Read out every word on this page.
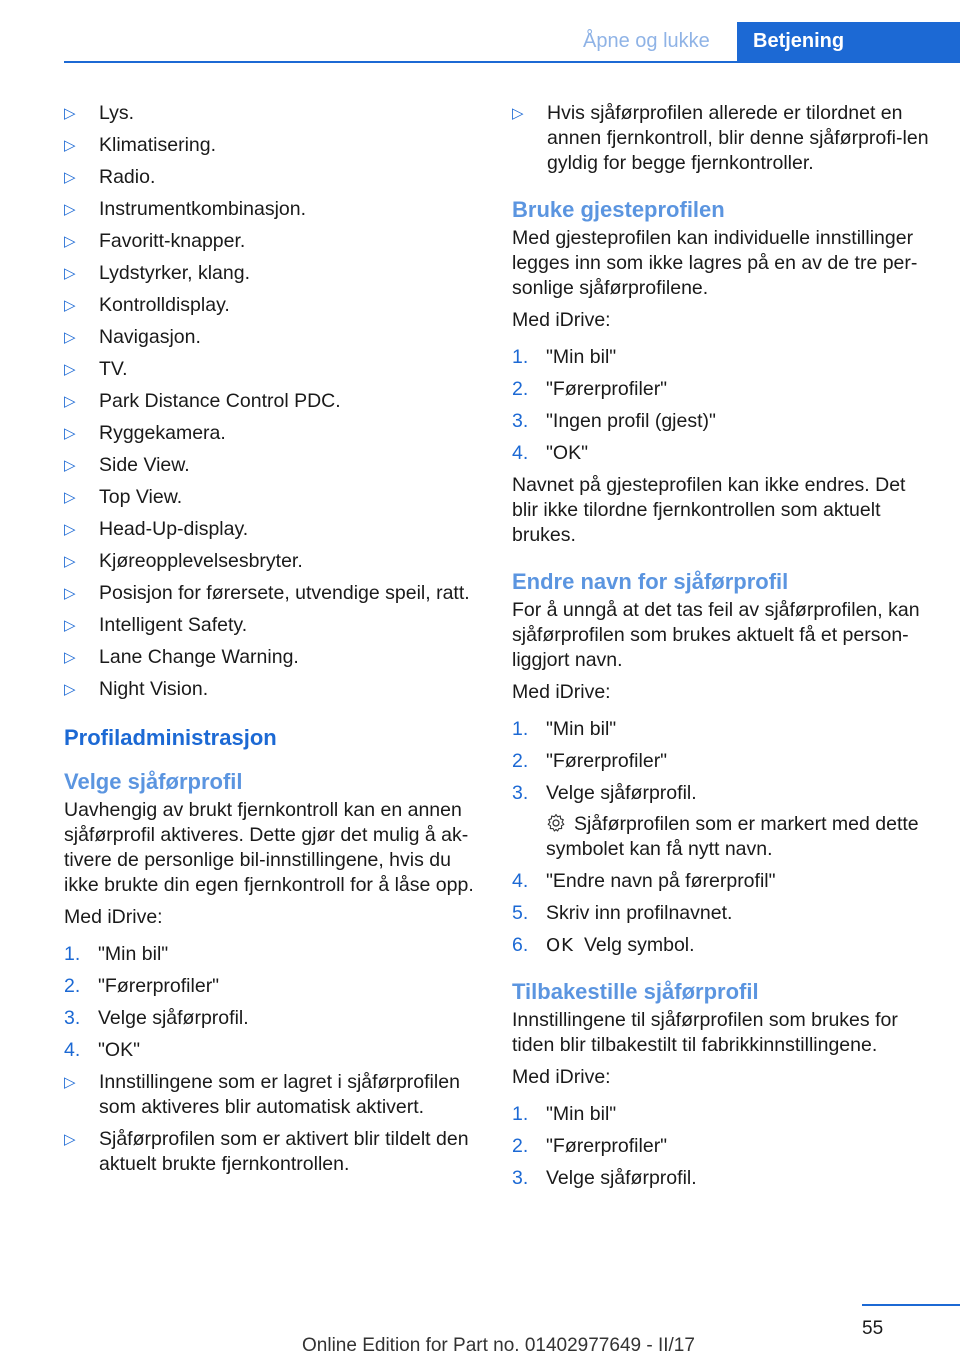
Åpne og lukke	Betjening
▷ Lys.
▷ Klimatisering.
▷ Radio.
▷ Instrumentkombinasjon.
▷ Favoritt-knapper.
▷ Lydstyrker, klang.
▷ Kontrolldisplay.
▷ Navigasjon.
▷ TV.
▷ Park Distance Control PDC.
▷ Ryggekamera.
▷ Side View.
▷ Top View.
▷ Head-Up-display.
▷ Kjøreopplevelsesbryter.
▷ Posisjon for førersete, utvendige speil, ratt.
▷ Intelligent Safety.
▷ Lane Change Warning.
▷ Night Vision.
Profiladministrasjon
Velge sjåførprofil

Uavhengig av brukt fjernkontroll kan en annen sjåførprofil aktiveres. Dette gjør det mulig å ak-tivere de personlige bil-innstillingene, hvis du ikke brukte din egen fjernkontroll for å låse opp.

Med iDrive:

1. "Min bil"
2. "Førerprofiler"
3. Velge sjåførprofil.
4. "OK"
▷ Innstillingene som er lagret i sjåførprofilen som aktiveres blir automatisk aktivert.
▷ Sjåførprofilen som er aktivert blir tildelt den aktuelt brukte fjernkontrollen.
▷ Hvis sjåførprofilen allerede er tilordnet en annen fjernkontroll, blir denne sjåførprofi-len gyldig for begge fjernkontroller.
Bruke gjesteprofilen

Med gjesteprofilen kan individuelle innstillinger legges inn som ikke lagres på en av de tre per-sonlige sjåførprofilene.

Med iDrive:

1. "Min bil"
2. "Førerprofiler"
3. "Ingen profil (gjest)"
4. "OK"

Navnet på gjesteprofilen kan ikke endres. Det blir ikke tilordne fjernkontrollen som aktuelt brukes.

Endre navn for sjåførprofil

For å unngå at det tas feil av sjåførprofilen, kan sjåførprofilen som brukes aktuelt få et person-liggjort navn.

Med iDrive:

1. "Min bil"
2. "Førerprofiler"
3. Velge sjåførprofil.
Sjåførprofilen som er markert med dette symbolet kan få nytt navn.
4. "Endre navn på førerprofil"
5. Skriv inn profilnavnet.
6. OK Velg symbol.
Tilbakestille sjåførprofil

Innstillingene til sjåførprofilen som brukes for tiden blir tilbakestilt til fabrikkinnstillingene.

Med iDrive:

1. "Min bil"
2. "Førerprofiler"
3. Velge sjåførprofil.
55
Online Edition for Part no. 01402977649 - II/17
